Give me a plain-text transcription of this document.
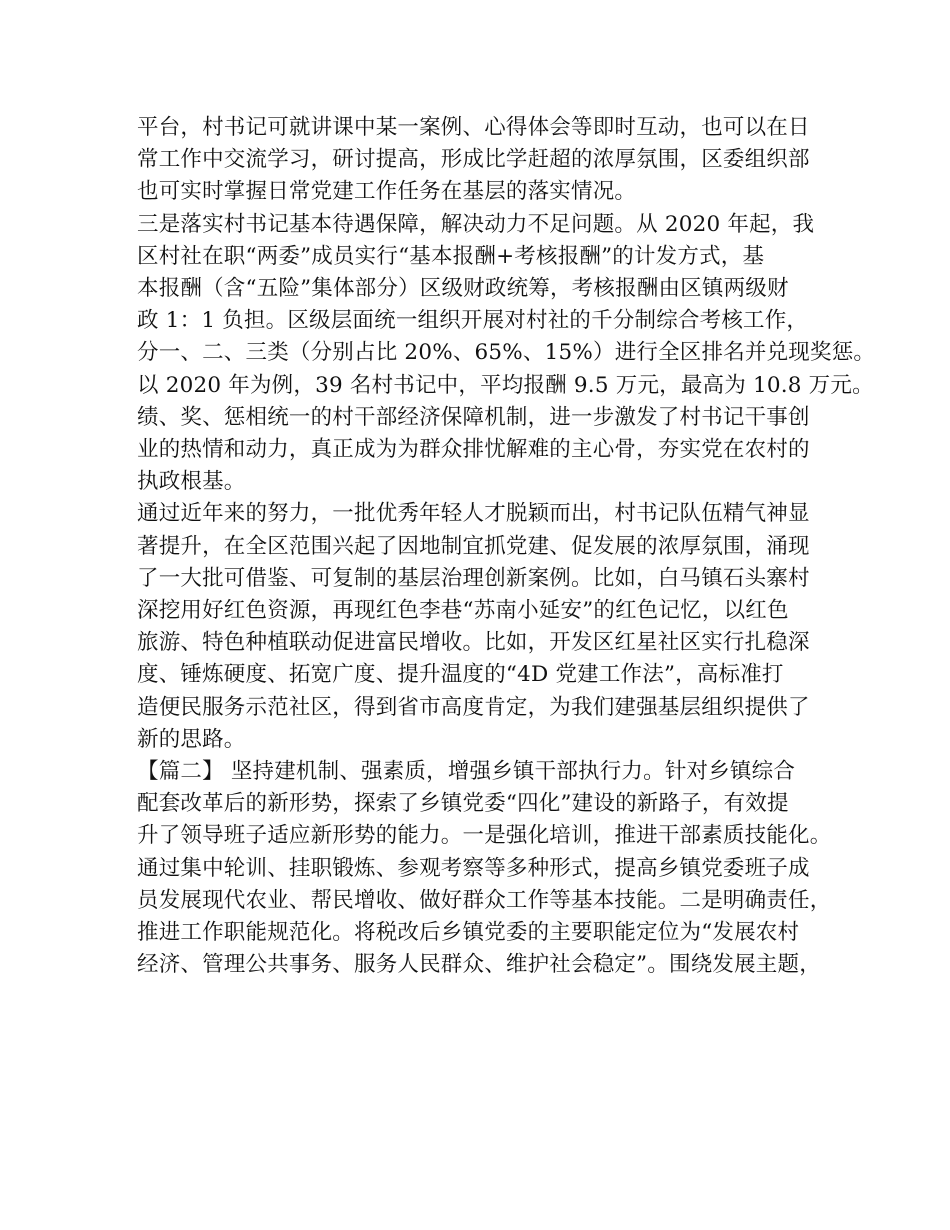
平台，村书记可就讲课中某一案例、心得体会等即时互动，也可以在日
常工作中交流学习，研讨提高，形成比学赶超的浓厚氛围，区委组织部
也可实时掌握日常党建工作任务在基层的落实情况。
三是落实村书记基本待遇保障，解决动力不足问题。从 2020 年起，我
区村社在职“两委”成员实行“基本报酬+考核报酬”的计发方式，基
本报酬（含“五险”集体部分）区级财政统筹，考核报酬由区镇两级财
政 1：1 负担。区级层面统一组织开展对村社的千分制综合考核工作，
分一、二、三类（分别占比 20%、65%、15%）进行全区排名并兑现奖惩。
以 2020 年为例，39 名村书记中，平均报酬 9.5 万元，最高为 10.8 万元。
绩、奖、惩相统一的村干部经济保障机制，进一步激发了村书记干事创
业的热情和动力，真正成为为群众排忧解难的主心骨，夯实党在农村的
执政根基。
通过近年来的努力，一批优秀年轻人才脱颖而出，村书记队伍精气神显
著提升，在全区范围兴起了因地制宜抓党建、促发展的浓厚氛围，涌现
了一大批可借鉴、可复制的基层治理创新案例。比如，白马镇石头寨村
深挖用好红色资源，再现红色李巷“苏南小延安”的红色记忆，以红色
旅游、特色种植联动促进富民增收。比如，开发区红星社区实行扎稳深
度、锤炼硬度、拓宽广度、提升温度的“4D 党建工作法”，高标准打
造便民服务示范社区，得到省市高度肯定，为我们建强基层组织提供了
新的思路。
【篇二】 坚持建机制、强素质，增强乡镇干部执行力。针对乡镇综合
配套改革后的新形势，探索了乡镇党委“四化”建设的新路子，有效提
升了领导班子适应新形势的能力。一是强化培训，推进干部素质技能化。
通过集中轮训、挂职锻炼、参观考察等多种形式，提高乡镇党委班子成
员发展现代农业、帮民增收、做好群众工作等基本技能。二是明确责任，
推进工作职能规范化。将税改后乡镇党委的主要职能定位为“发展农村
经济、管理公共事务、服务人民群众、维护社会稳定”。围绕发展主题，
